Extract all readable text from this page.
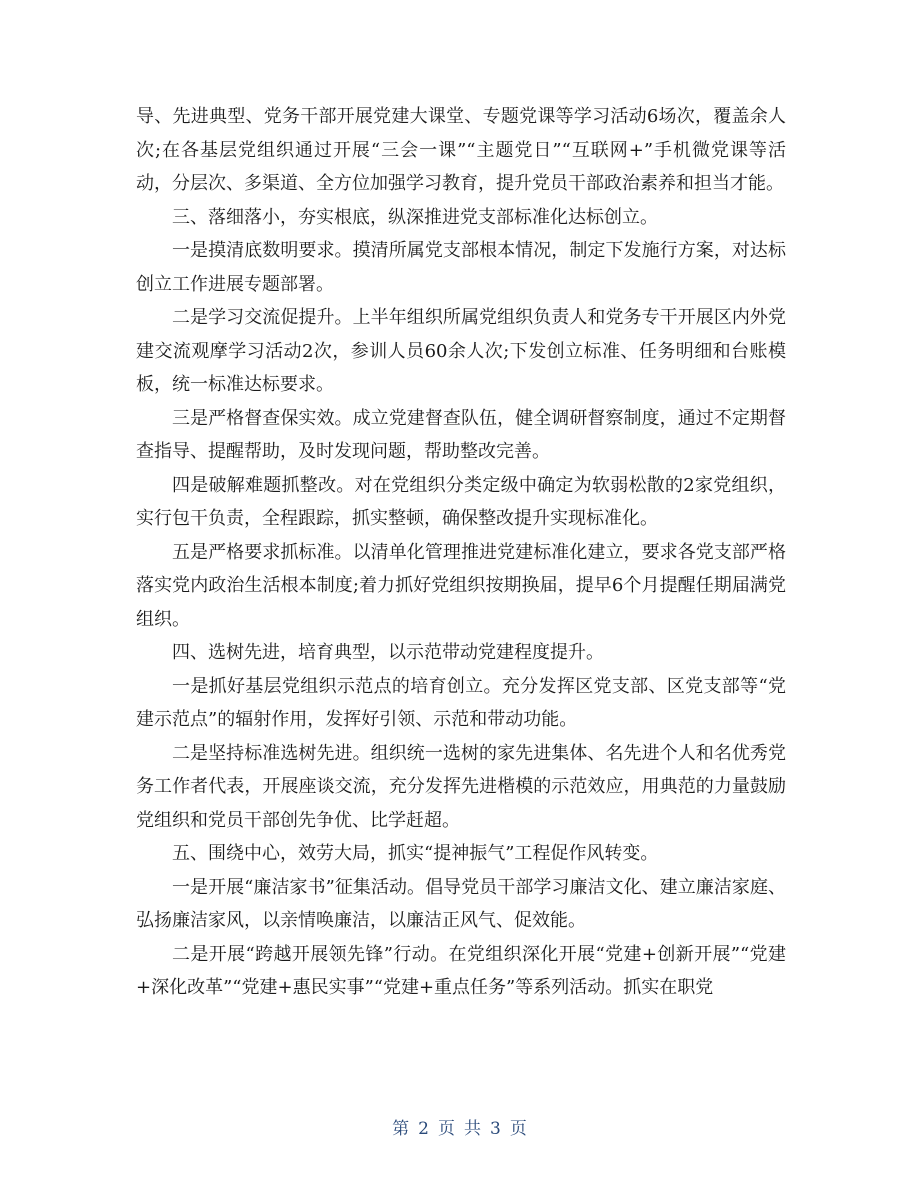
导、先进典型、党务干部开展党建大课堂、专题党课等学习活动6场次，覆盖余人次;在各基层党组织通过开展“三会一课”“主题党日”“互联网+”手机微党课等活动，分层次、多渠道、全方位加强学习教育，提升党员干部政治素养和担当才能。

三、落细落小，夯实根底，纵深推进党支部标准化达标创立。

一是摸清底数明要求。摸清所属党支部根本情况，制定下发施行方案，对达标创立工作进展专题部署。

二是学习交流促提升。上半年组织所属党组织负责人和党务专干开展区内外党建交流观摩学习活动2次，参训人员60余人次;下发创立标准、任务明细和台账模板，统一标准达标要求。

三是严格督查保实效。成立党建督查队伍，健全调研督察制度，通过不定期督查指导、提醒帮助，及时发现问题，帮助整改完善。

四是破解难题抓整改。对在党组织分类定级中确定为软弱松散的2家党组织，实行包干负责，全程跟踪，抓实整顿，确保整改提升实现标准化。

五是严格要求抓标准。以清单化管理推进党建标准化建立，要求各党支部严格落实党内政治生活根本制度;着力抓好党组织按期换届，提早6个月提醒任期届满党组织。

四、选树先进，培育典型，以示范带动党建程度提升。

一是抓好基层党组织示范点的培育创立。充分发挥区党支部、区党支部等“党建示范点”的辐射作用，发挥好引领、示范和带动功能。

二是坚持标准选树先进。组织统一选树的家先进集体、名先进个人和名优秀党务工作者代表，开展座谈交流，充分发挥先进楷模的示范效应，用典范的力量鼓励党组织和党员干部创先争优、比学赶超。

五、围绕中心，效劳大局，抓实“提神振气”工程促作风转变。

一是开展“廉洁家书”征集活动。倡导党员干部学习廉洁文化、建立廉洁家庭、弘扬廉洁家风，以亲情唤廉洁，以廉洁正风气、促效能。

二是开展“跨越开展领先锋”行动。在党组织深化开展“党建+创新开展”“党建+深化改革”“党建+惠民实事”“党建+重点任务”等系列活动。抓实在职党

第 2 页 共 3 页
